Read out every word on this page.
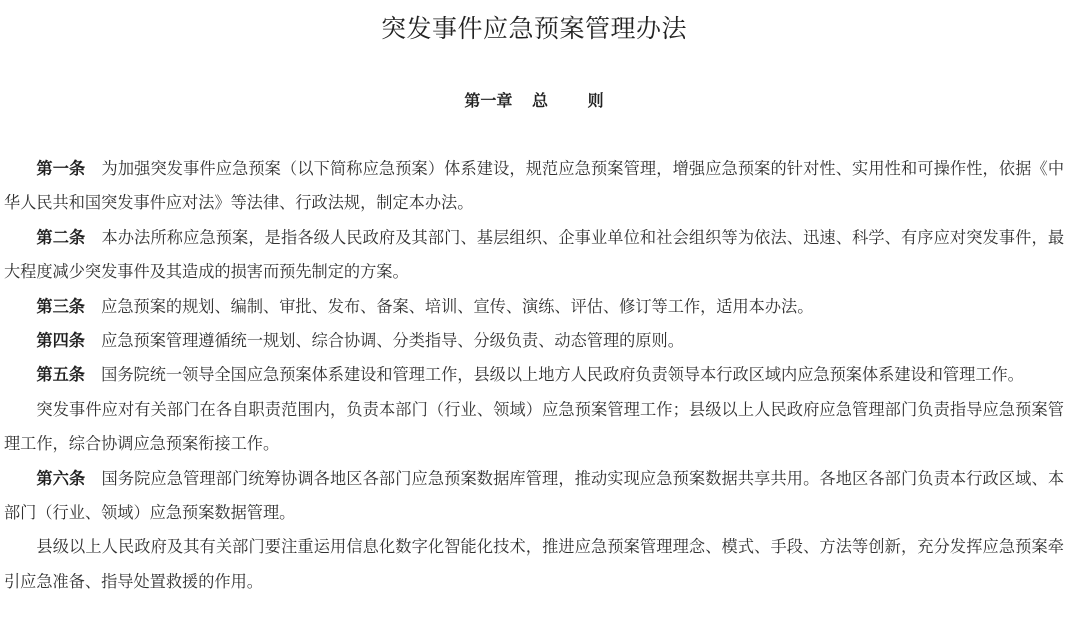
突发事件应急预案管理办法
第一章 总 则

第一条 为加强突发事件应急预案（以下简称应急预案）体系建设，规范应急预案管理，增强应急预案的针对性、实用性和可操作性，依据《中华人民共和国突发事件应对法》等法律、行政法规，制定本办法。

第二条 本办法所称应急预案，是指各级人民政府及其部门、基层组织、企事业单位和社会组织等为依法、迅速、科学、有序应对突发事件，最大程度减少突发事件及其造成的损害而预先制定的方案。

第三条 应急预案的规划、编制、审批、发布、备案、培训、宣传、演练、评估、修订等工作，适用本办法。

第四条 应急预案管理遵循统一规划、综合协调、分类指导、分级负责、动态管理的原则。

第五条 国务院统一领导全国应急预案体系建设和管理工作，县级以上地方人民政府负责领导本行政区域内应急预案体系建设和管理工作。

突发事件应对有关部门在各自职责范围内，负责本部门（行业、领域）应急预案管理工作；县级以上人民政府应急管理部门负责指导应急预案管理工作，综合协调应急预案衔接工作。

第六条 国务院应急管理部门统筹协调各地区各部门应急预案数据库管理，推动实现应急预案数据共享共用。各地区各部门负责本行政区域、本部门（行业、领域）应急预案数据管理。

县级以上人民政府及其有关部门要注重运用信息化数字化智能化技术，推进应急预案管理理念、模式、手段、方法等创新，充分发挥应急预案牵引应急准备、指导处置救援的作用。
